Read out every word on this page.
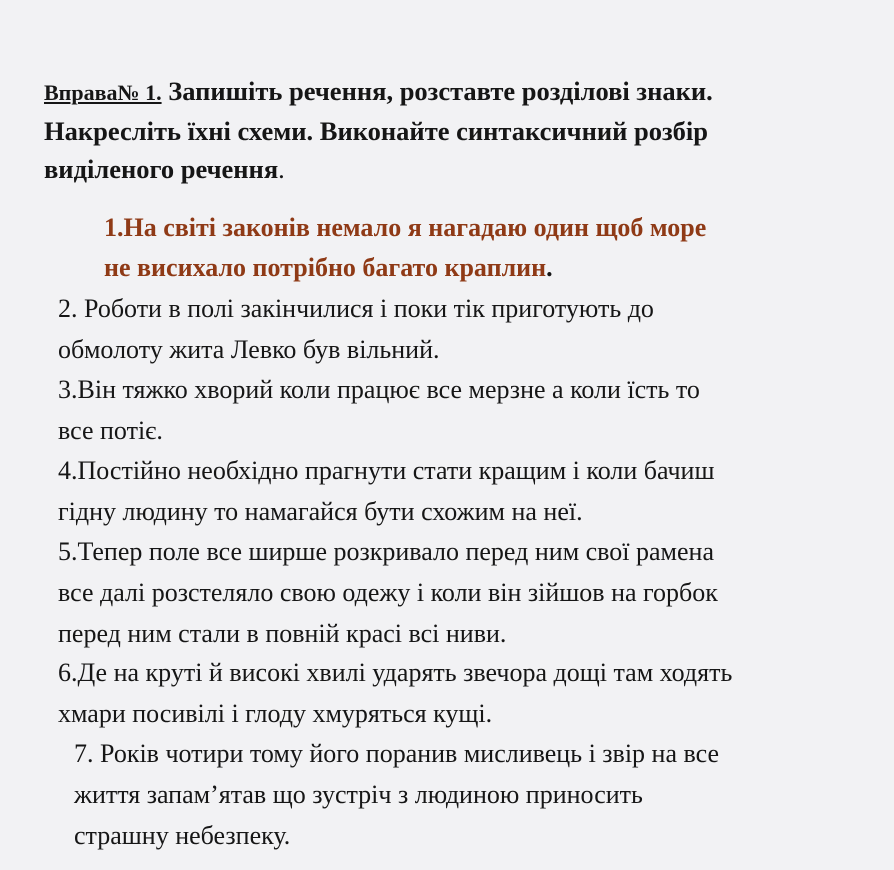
Вправа№ 1. Запишіть речення, розставте розділові знаки.
Накресліть їхні схеми. Виконайте синтаксичний розбір
виділеного речення.
1.На світі законів немало я нагадаю один щоб море
не висихало потрібно багато краплин.
2. Роботи в полі закінчилися і поки тік приготують до
обмолоту жита Левко був вільний.
3.Він тяжко хворий коли працює все мерзне а коли їсть то
все потіє.
4.Постійно необхідно прагнути стати кращим і коли бачиш
гідну людину то намагайся бути схожим на неї.
5.Тепер поле все ширше розкривало перед ним свої рамена
все далі розстеляло свою одежу і коли він зійшов на горбок
перед ним стали в повній красі всі ниви.
6.Де на круті й високі хвилі ударять звечора дощі там ходять
хмари посивілі і глоду хмуряться кущі.
7. Років чотири тому його поранив мисливець і звір на все
життя запам’ятав що зустріч з людиною приносить
страшну небезпеку.
